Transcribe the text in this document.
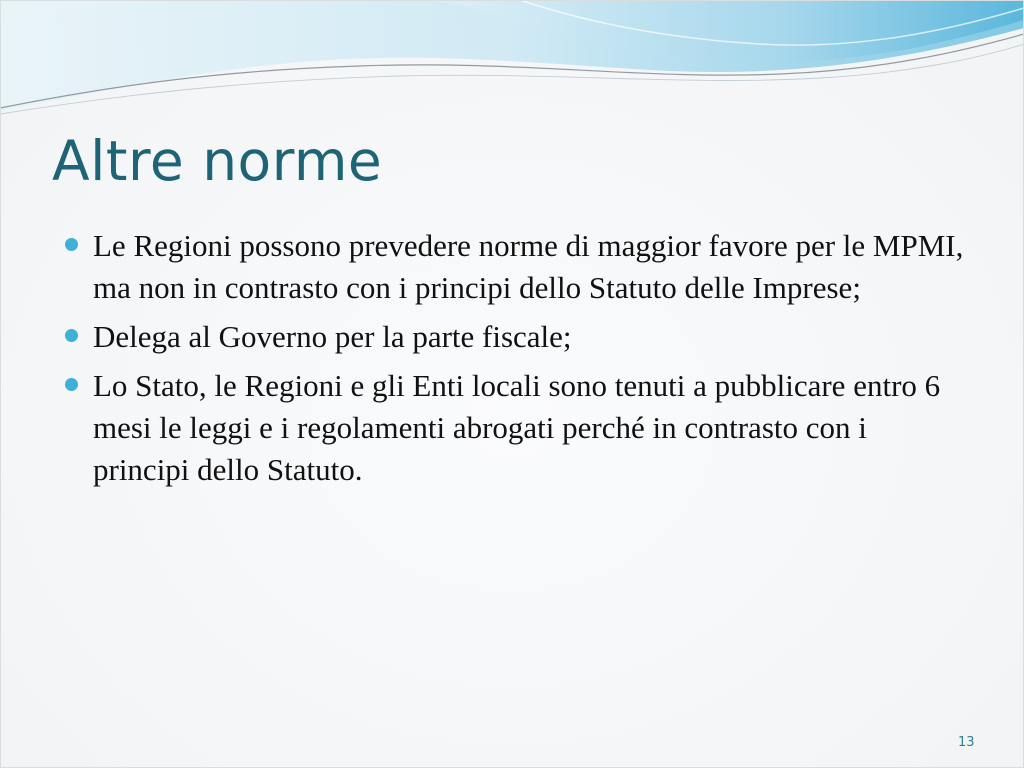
Altre norme
Le Regioni possono prevedere norme di maggior favore per le MPMI, ma non in contrasto con i principi dello Statuto delle Imprese;
Delega al Governo per la parte fiscale;
Lo Stato, le Regioni e gli Enti locali sono tenuti a pubblicare entro 6 mesi le leggi e i regolamenti abrogati perché in contrasto con i principi dello Statuto.
13
